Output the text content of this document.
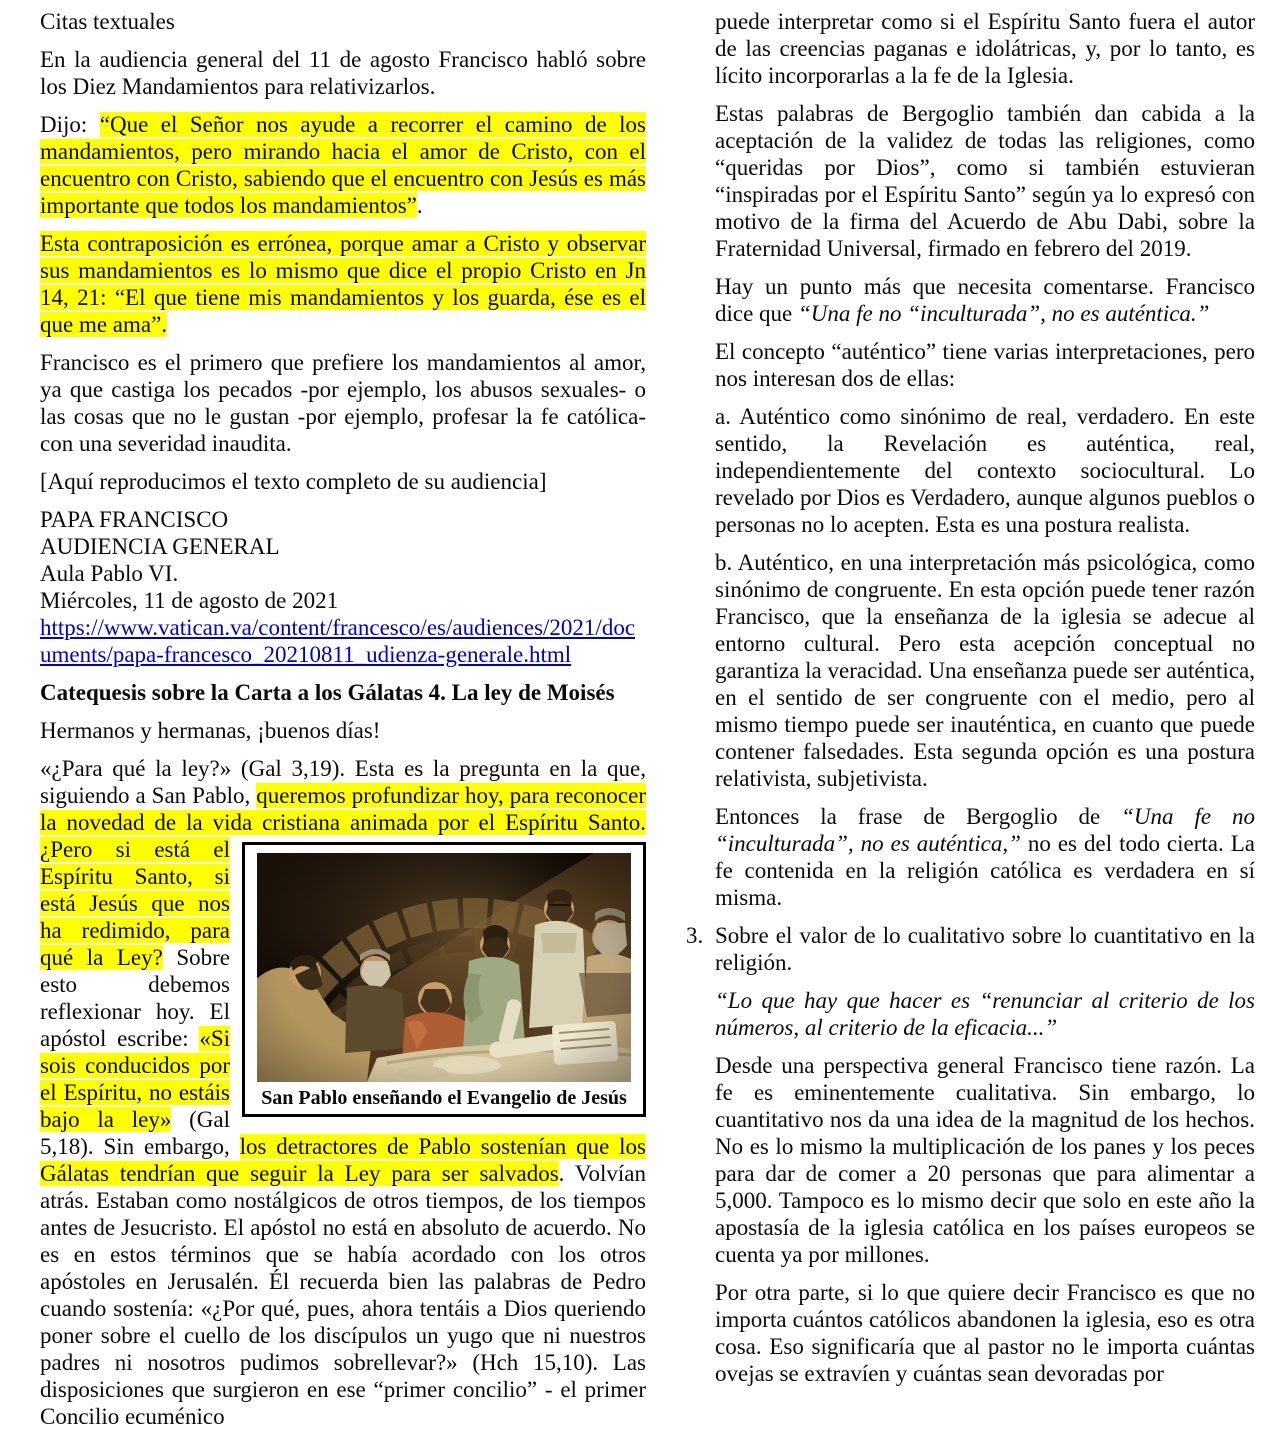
Citas textuales

En la audiencia general del 11 de agosto Francisco habló sobre los Diez Mandamientos para relativizarlos.

Dijo: “Que el Señor nos ayude a recorrer el camino de los mandamientos, pero mirando hacia el amor de Cristo, con el encuentro con Cristo, sabiendo que el encuentro con Jesús es más importante que todos los mandamientos”.

Esta contraposición es errónea, porque amar a Cristo y observar sus mandamientos es lo mismo que dice el propio Cristo en Jn 14, 21: “El que tiene mis mandamientos y los guarda, ése es el que me ama”.

Francisco es el primero que prefiere los mandamientos al amor, ya que castiga los pecados -por ejemplo, los abusos sexuales- o las cosas que no le gustan -por ejemplo, profesar la fe católica- con una severidad inaudita.

[Aquí reproducimos el texto completo de su audiencia]

PAPA FRANCISCO
AUDIENCIA GENERAL
Aula Pablo VI.
Miércoles, 11 de agosto de 2021
https://www.vatican.va/content/francesco/es/audiences/2021/documents/papa-francesco_20210811_udienza-generale.html

Catequesis sobre la Carta a los Gálatas 4. La ley de Moisés

Hermanos y hermanas, ¡buenos días!

«¿Para qué la ley?» (Gal 3,19). Esta es la pregunta en la que, siguiendo a San Pablo, queremos profundizar hoy, para reconocer la novedad de la vida cristiana animada por el Espíritu Santo.
San Pablo enseñando el Evangelio de Jesús
¿Pero si está el Espíritu Santo, si está Jesús que nos ha redimido, para qué la Ley? Sobre esto debemos reflexionar hoy. El apóstol escribe: «Si sois conducidos por el Espíritu, no estáis bajo la ley» (Gal 5,18). Sin embargo, los detractores de Pablo sostenían que los Gálatas tendrían que seguir la Ley para ser salvados. Volvían atrás. Estaban como nostálgicos de otros tiempos, de los tiempos antes de Jesucristo. El apóstol no está en absoluto de acuerdo. No es en estos términos que se había acordado con los otros apóstoles en Jerusalén. Él recuerda bien las palabras de Pedro cuando sostenía: «¿Por qué, pues, ahora tentáis a Dios queriendo poner sobre el cuello de los discípulos un yugo que ni nuestros padres ni nosotros pudimos sobrellevar?» (Hch 15,10). Las disposiciones que surgieron en ese “primer concilio” - el primer Concilio ecuménico

puede interpretar como si el Espíritu Santo fuera el autor de las creencias paganas e idolátricas, y, por lo tanto, es lícito incorporarlas a la fe de la Iglesia.

Estas palabras de Bergoglio también dan cabida a la aceptación de la validez de todas las religiones, como “queridas por Dios”, como si también estuvieran “inspiradas por el Espíritu Santo” según ya lo expresó con motivo de la firma del Acuerdo de Abu Dabi, sobre la Fraternidad Universal, firmado en febrero del 2019.

Hay un punto más que necesita comentarse. Francisco dice que “Una fe no “inculturada”, no es auténtica.”

El concepto “auténtico” tiene varias interpretaciones, pero nos interesan dos de ellas:

a. Auténtico como sinónimo de real, verdadero. En este sentido, la Revelación es auténtica, real, independientemente del contexto sociocultural. Lo revelado por Dios es Verdadero, aunque algunos pueblos o personas no lo acepten. Esta es una postura realista.

b. Auténtico, en una interpretación más psicológica, como sinónimo de congruente. En esta opción puede tener razón Francisco, que la enseñanza de la iglesia se adecue al entorno cultural. Pero esta acepción conceptual no garantiza la veracidad. Una enseñanza puede ser auténtica, en el sentido de ser congruente con el medio, pero al mismo tiempo puede ser inauténtica, en cuanto que puede contener falsedades. Esta segunda opción es una postura relativista, subjetivista.

Entonces la frase de Bergoglio de “Una fe no “inculturada”, no es auténtica,” no es del todo cierta. La fe contenida en la religión católica es verdadera en sí misma.

3. Sobre el valor de lo cualitativo sobre lo cuantitativo en la religión.

“Lo que hay que hacer es “renunciar al criterio de los números, al criterio de la eficacia...”

Desde una perspectiva general Francisco tiene razón. La fe es eminentemente cualitativa. Sin embargo, lo cuantitativo nos da una idea de la magnitud de los hechos. No es lo mismo la multiplicación de los panes y los peces para dar de comer a 20 personas que para alimentar a 5,000. Tampoco es lo mismo decir que solo en este año la apostasía de la iglesia católica en los países europeos se cuenta ya por millones.

Por otra parte, si lo que quiere decir Francisco es que no importa cuántos católicos abandonen la iglesia, eso es otra cosa. Eso significaría que al pastor no le importa cuántas ovejas se extravíen y cuántas sean devoradas por
